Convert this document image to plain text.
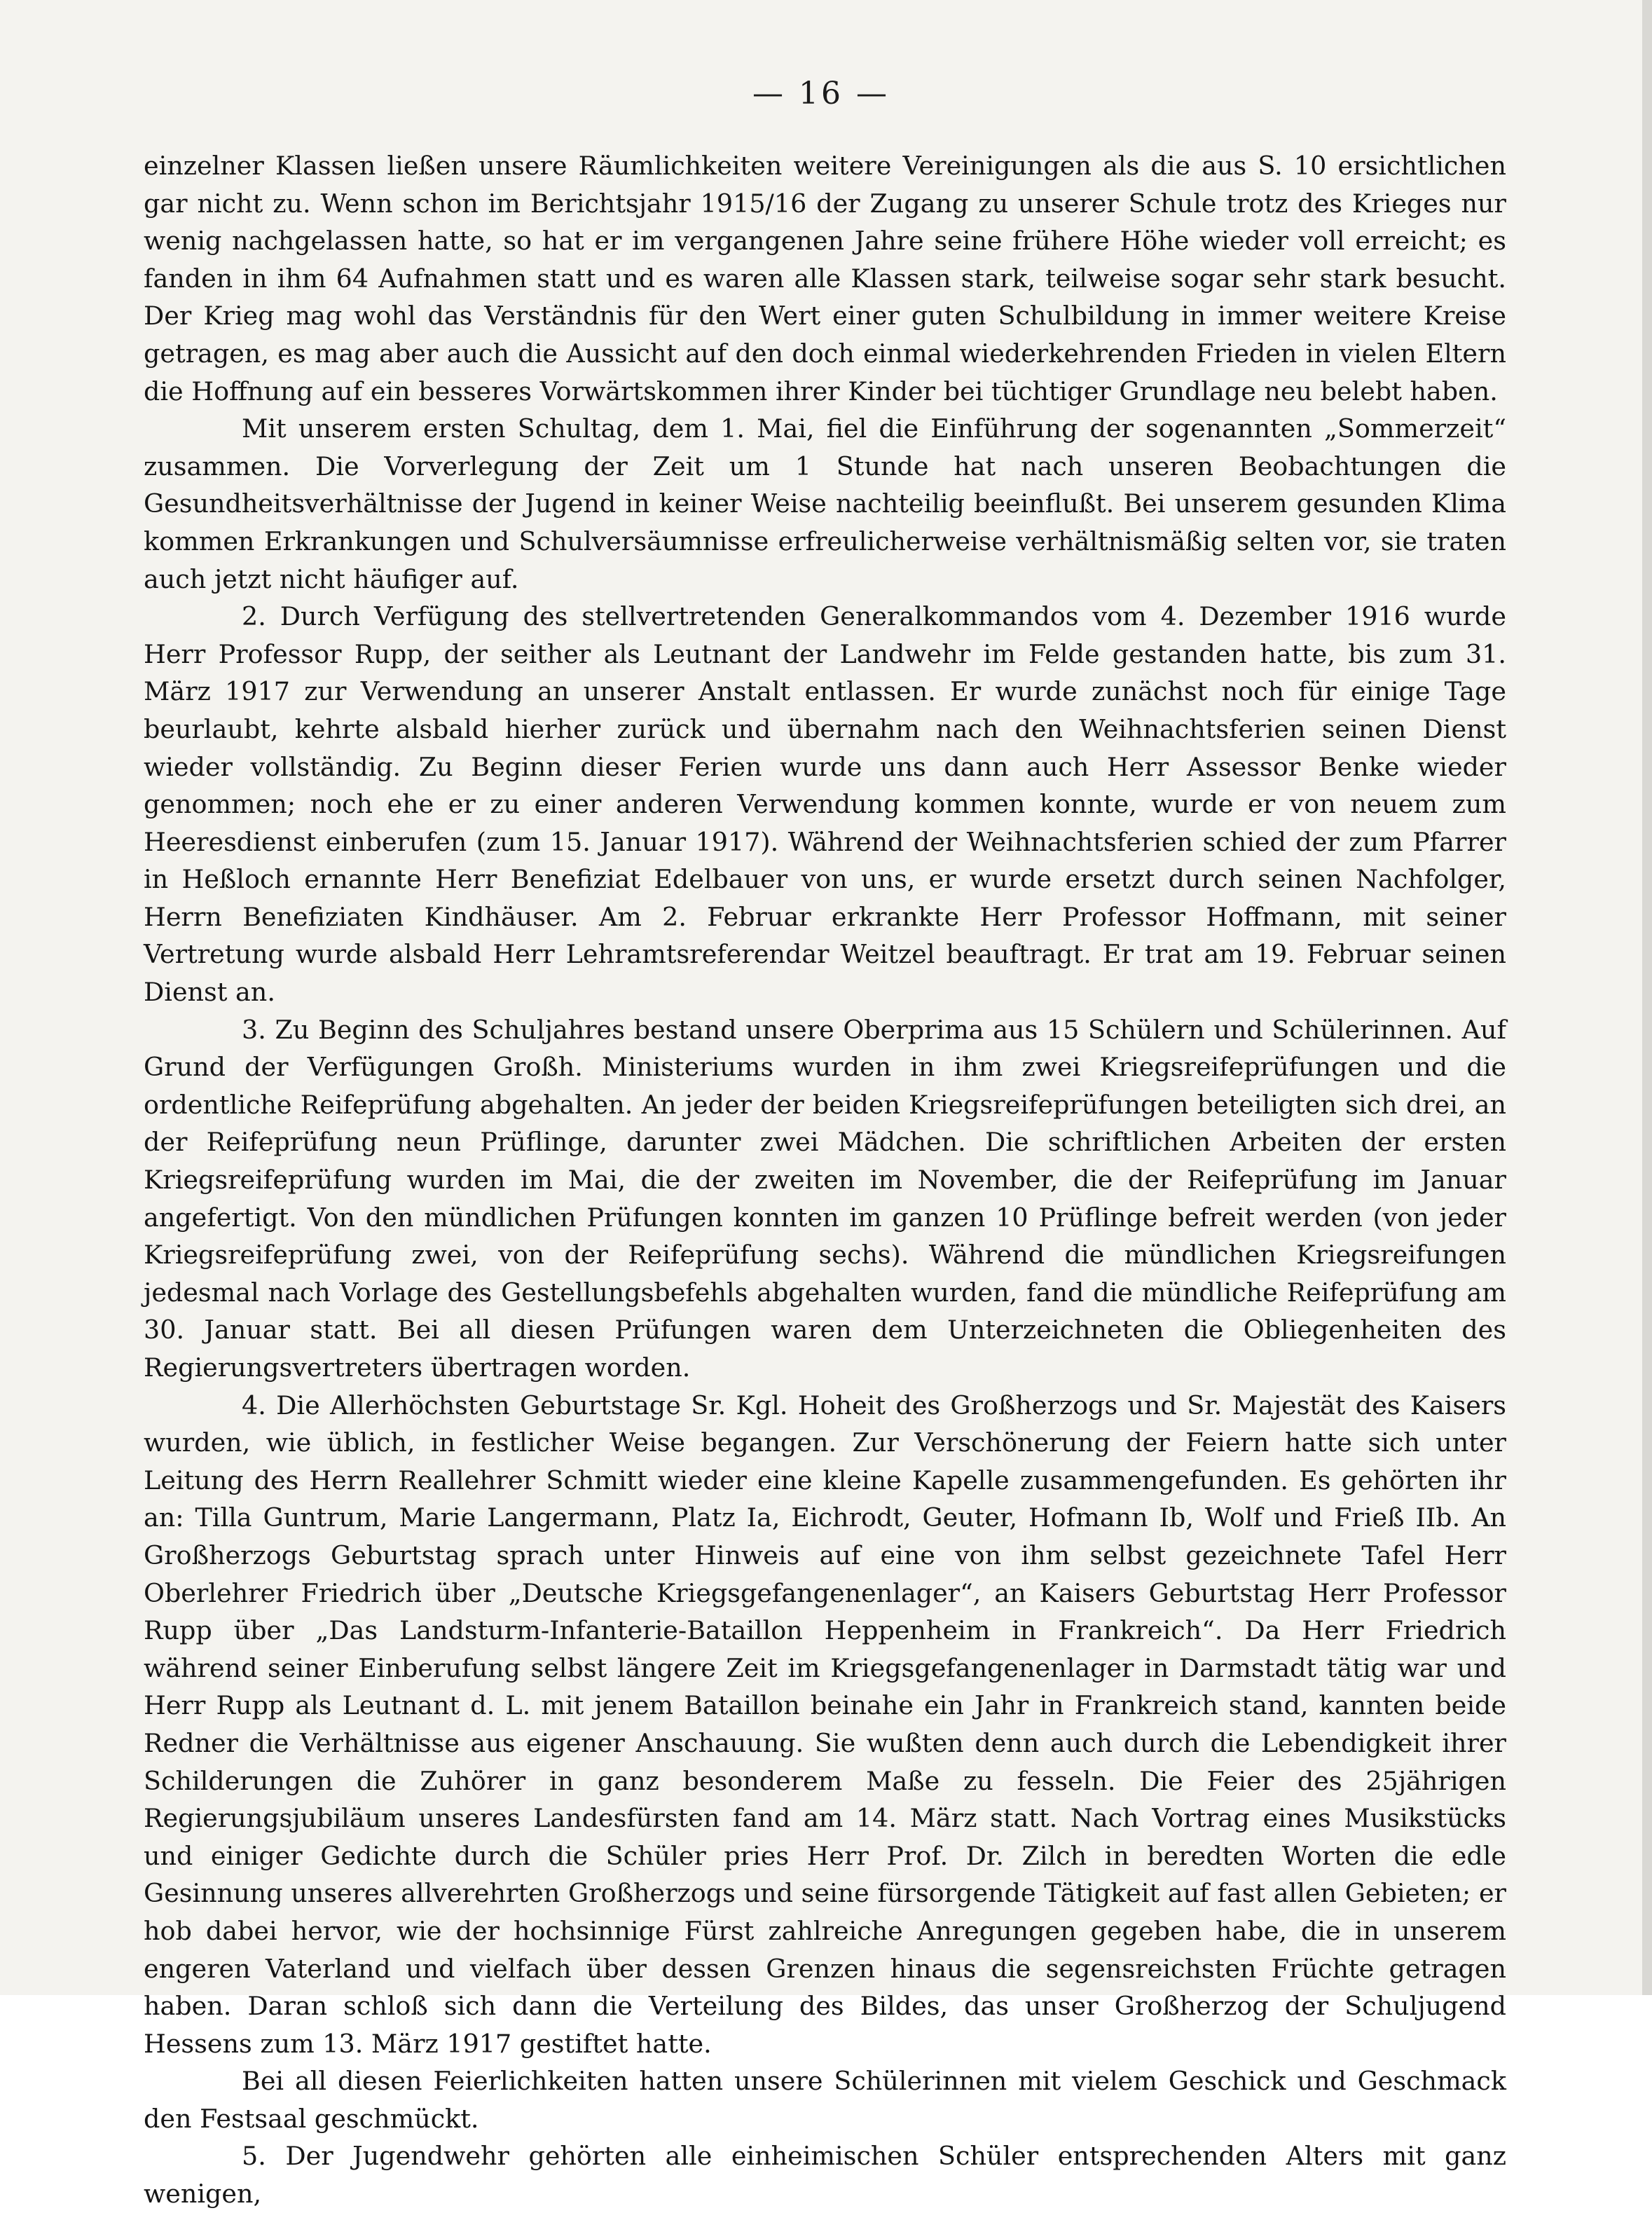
— 16 —

einzelner Klassen ließen unsere Räumlichkeiten weitere Vereinigungen als die aus S. 10 ersichtlichen gar nicht zu. Wenn schon im Berichtsjahr 1915/16 der Zugang zu unserer Schule trotz des Krieges nur wenig nachgelassen hatte, so hat er im vergangenen Jahre seine frühere Höhe wieder voll erreicht; es fanden in ihm 64 Aufnahmen statt und es waren alle Klassen stark, teilweise sogar sehr stark besucht. Der Krieg mag wohl das Verständnis für den Wert einer guten Schulbildung in immer weitere Kreise getragen, es mag aber auch die Aussicht auf den doch einmal wiederkehrenden Frieden in vielen Eltern die Hoffnung auf ein besseres Vorwärtskommen ihrer Kinder bei tüchtiger Grundlage neu belebt haben.

Mit unserem ersten Schultag, dem 1. Mai, fiel die Einführung der sogenannten „Sommerzeit“ zusammen. Die Vorverlegung der Zeit um 1 Stunde hat nach unseren Beobachtungen die Gesundheitsverhältnisse der Jugend in keiner Weise nachteilig beeinflußt. Bei unserem gesunden Klima kommen Erkrankungen und Schulversäumnisse erfreulicherweise verhältnismäßig selten vor, sie traten auch jetzt nicht häufiger auf.

2. Durch Verfügung des stellvertretenden Generalkommandos vom 4. Dezember 1916 wurde Herr Professor Rupp, der seither als Leutnant der Landwehr im Felde gestanden hatte, bis zum 31. März 1917 zur Verwendung an unserer Anstalt entlassen. Er wurde zunächst noch für einige Tage beurlaubt, kehrte alsbald hierher zurück und übernahm nach den Weihnachtsferien seinen Dienst wieder vollständig. Zu Beginn dieser Ferien wurde uns dann auch Herr Assessor Benke wieder genommen; noch ehe er zu einer anderen Verwendung kommen konnte, wurde er von neuem zum Heeresdienst einberufen (zum 15. Januar 1917). Während der Weihnachtsferien schied der zum Pfarrer in Heßloch ernannte Herr Benefiziat Edelbauer von uns, er wurde ersetzt durch seinen Nachfolger, Herrn Benefiziaten Kindhäuser. Am 2. Februar erkrankte Herr Professor Hoffmann, mit seiner Vertretung wurde alsbald Herr Lehramtsreferendar Weitzel beauftragt. Er trat am 19. Februar seinen Dienst an.

3. Zu Beginn des Schuljahres bestand unsere Oberprima aus 15 Schülern und Schülerinnen. Auf Grund der Verfügungen Großh. Ministeriums wurden in ihm zwei Kriegsreifeprüfungen und die ordentliche Reifeprüfung abgehalten. An jeder der beiden Kriegsreifeprüfungen beteiligten sich drei, an der Reifeprüfung neun Prüflinge, darunter zwei Mädchen. Die schriftlichen Arbeiten der ersten Kriegsreifeprüfung wurden im Mai, die der zweiten im November, die der Reifeprüfung im Januar angefertigt. Von den mündlichen Prüfungen konnten im ganzen 10 Prüflinge befreit werden (von jeder Kriegsreifeprüfung zwei, von der Reifeprüfung sechs). Während die mündlichen Kriegsreifungen jedesmal nach Vorlage des Gestellungsbefehls abgehalten wurden, fand die mündliche Reifeprüfung am 30. Januar statt. Bei all diesen Prüfungen waren dem Unterzeichneten die Obliegenheiten des Regierungsvertreters übertragen worden.

4. Die Allerhöchsten Geburtstage Sr. Kgl. Hoheit des Großherzogs und Sr. Majestät des Kaisers wurden, wie üblich, in festlicher Weise begangen. Zur Verschönerung der Feiern hatte sich unter Leitung des Herrn Reallehrer Schmitt wieder eine kleine Kapelle zusammengefunden. Es gehörten ihr an: Tilla Guntrum, Marie Langermann, Platz Ia, Eichrodt, Geuter, Hofmann Ib, Wolf und Frieß IIb. An Großherzogs Geburtstag sprach unter Hinweis auf eine von ihm selbst gezeichnete Tafel Herr Oberlehrer Friedrich über „Deutsche Kriegsgefangenenlager“, an Kaisers Geburtstag Herr Professor Rupp über „Das Landsturm-Infanterie-Bataillon Heppenheim in Frankreich“. Da Herr Friedrich während seiner Einberufung selbst längere Zeit im Kriegsgefangenenlager in Darmstadt tätig war und Herr Rupp als Leutnant d. L. mit jenem Bataillon beinahe ein Jahr in Frankreich stand, kannten beide Redner die Verhältnisse aus eigener Anschauung. Sie wußten denn auch durch die Lebendigkeit ihrer Schilderungen die Zuhörer in ganz besonderem Maße zu fesseln. Die Feier des 25jährigen Regierungsjubiläum unseres Landesfürsten fand am 14. März statt. Nach Vortrag eines Musikstücks und einiger Gedichte durch die Schüler pries Herr Prof. Dr. Zilch in beredten Worten die edle Gesinnung unseres allverehrten Großherzogs und seine fürsorgende Tätigkeit auf fast allen Gebieten; er hob dabei hervor, wie der hochsinnige Fürst zahlreiche Anregungen gegeben habe, die in unserem engeren Vaterland und vielfach über dessen Grenzen hinaus die segensreichsten Früchte getragen haben. Daran schloß sich dann die Verteilung des Bildes, das unser Großherzog der Schuljugend Hessens zum 13. März 1917 gestiftet hatte.

Bei all diesen Feierlichkeiten hatten unsere Schülerinnen mit vielem Geschick und Geschmack den Festsaal geschmückt.

5. Der Jugendwehr gehörten alle einheimischen Schüler entsprechenden Alters mit ganz wenigen,
